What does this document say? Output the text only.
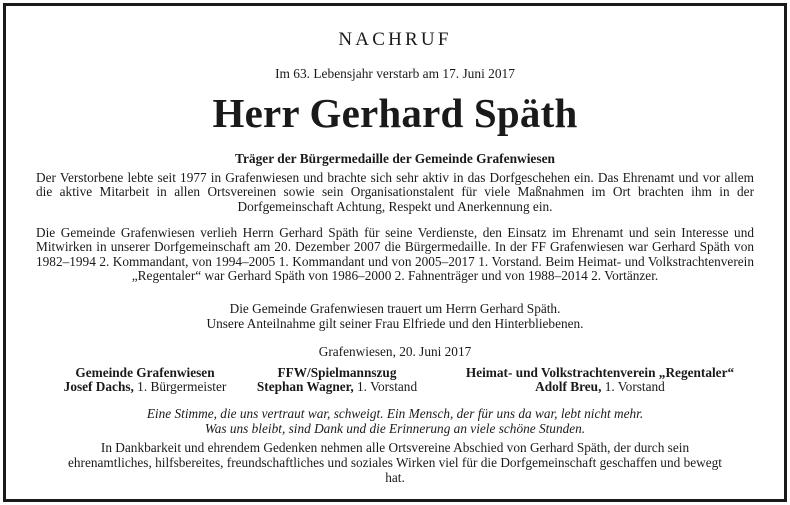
NACHRUF
Im 63. Lebensjahr verstarb am 17. Juni 2017
Herr Gerhard Späth
Träger der Bürgermedaille der Gemeinde Grafenwiesen
Der Verstorbene lebte seit 1977 in Grafenwiesen und brachte sich sehr aktiv in das Dorfgeschehen ein. Das Ehrenamt und vor allem die aktive Mitarbeit in allen Ortsvereinen sowie sein Organisationstalent für viele Maßnahmen im Ort brachten ihm in der Dorfgemeinschaft Achtung, Respekt und Anerkennung ein.
Die Gemeinde Grafenwiesen verlieh Herrn Gerhard Späth für seine Verdienste, den Einsatz im Ehrenamt und sein Interesse und Mitwirken in unserer Dorfgemeinschaft am 20. Dezember 2007 die Bürgermedaille. In der FF Grafenwiesen war Gerhard Späth von 1982–1994 2. Kommandant, von 1994–2005 1. Kommandant und von 2005–2017 1. Vorstand. Beim Heimat- und Volkstrachtenverein „Regentaler“ war Gerhard Späth von 1986–2000 2. Fahnenträger und von 1988–2014 2. Vortänzer.
Die Gemeinde Grafenwiesen trauert um Herrn Gerhard Späth.
Unsere Anteilnahme gilt seiner Frau Elfriede und den Hinterbliebenen.
Grafenwiesen, 20. Juni 2017
Gemeinde Grafenwiesen
Josef Dachs, 1. Bürgermeister
FFW/Spielmannszug
Stephan Wagner, 1. Vorstand
Heimat- und Volkstrachtenverein „Regentaler“
Adolf Breu, 1. Vorstand
Eine Stimme, die uns vertraut war, schweigt. Ein Mensch, der für uns da war, lebt nicht mehr.
Was uns bleibt, sind Dank und die Erinnerung an viele schöne Stunden.
In Dankbarkeit und ehrendem Gedenken nehmen alle Ortsvereine Abschied von Gerhard Späth, der durch sein ehrenamtliches, hilfsbereites, freundschaftliches und soziales Wirken viel für die Dorfgemeinschaft geschaffen und bewegt hat.
